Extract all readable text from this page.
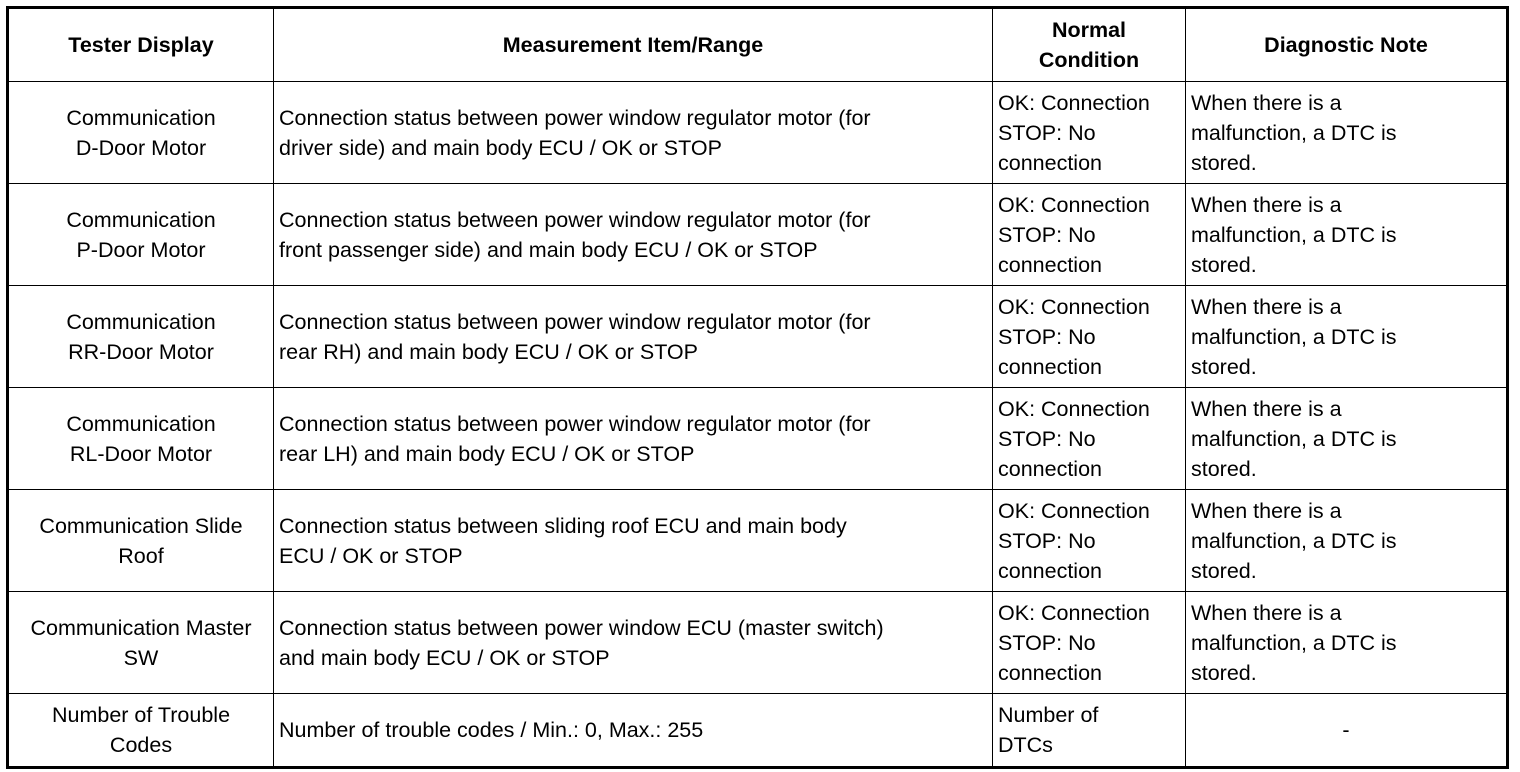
Tester Display	Measurement Item/Range	Normal
Condition	Diagnostic Note

Communication
D-Door Motor	Connection status between power window regulator motor (for
driver side) and main body ECU / OK or STOP	OK: Connection
STOP: No
connection	When there is a
malfunction, a DTC is
stored.

Communication
P-Door Motor	Connection status between power window regulator motor (for
front passenger side) and main body ECU / OK or STOP	OK: Connection
STOP: No
connection	When there is a
malfunction, a DTC is
stored.

Communication
RR-Door Motor	Connection status between power window regulator motor (for
rear RH) and main body ECU / OK or STOP	OK: Connection
STOP: No
connection	When there is a
malfunction, a DTC is
stored.

Communication
RL-Door Motor	Connection status between power window regulator motor (for
rear LH) and main body ECU / OK or STOP	OK: Connection
STOP: No
connection	When there is a
malfunction, a DTC is
stored.

Communication Slide
Roof	Connection status between sliding roof ECU and main body
ECU / OK or STOP	OK: Connection
STOP: No
connection	When there is a
malfunction, a DTC is
stored.

Communication Master
SW	Connection status between power window ECU (master switch)
and main body ECU / OK or STOP	OK: Connection
STOP: No
connection	When there is a
malfunction, a DTC is
stored.

Number of Trouble
Codes	Number of trouble codes / Min.: 0, Max.: 255	Number of
DTCs	-
